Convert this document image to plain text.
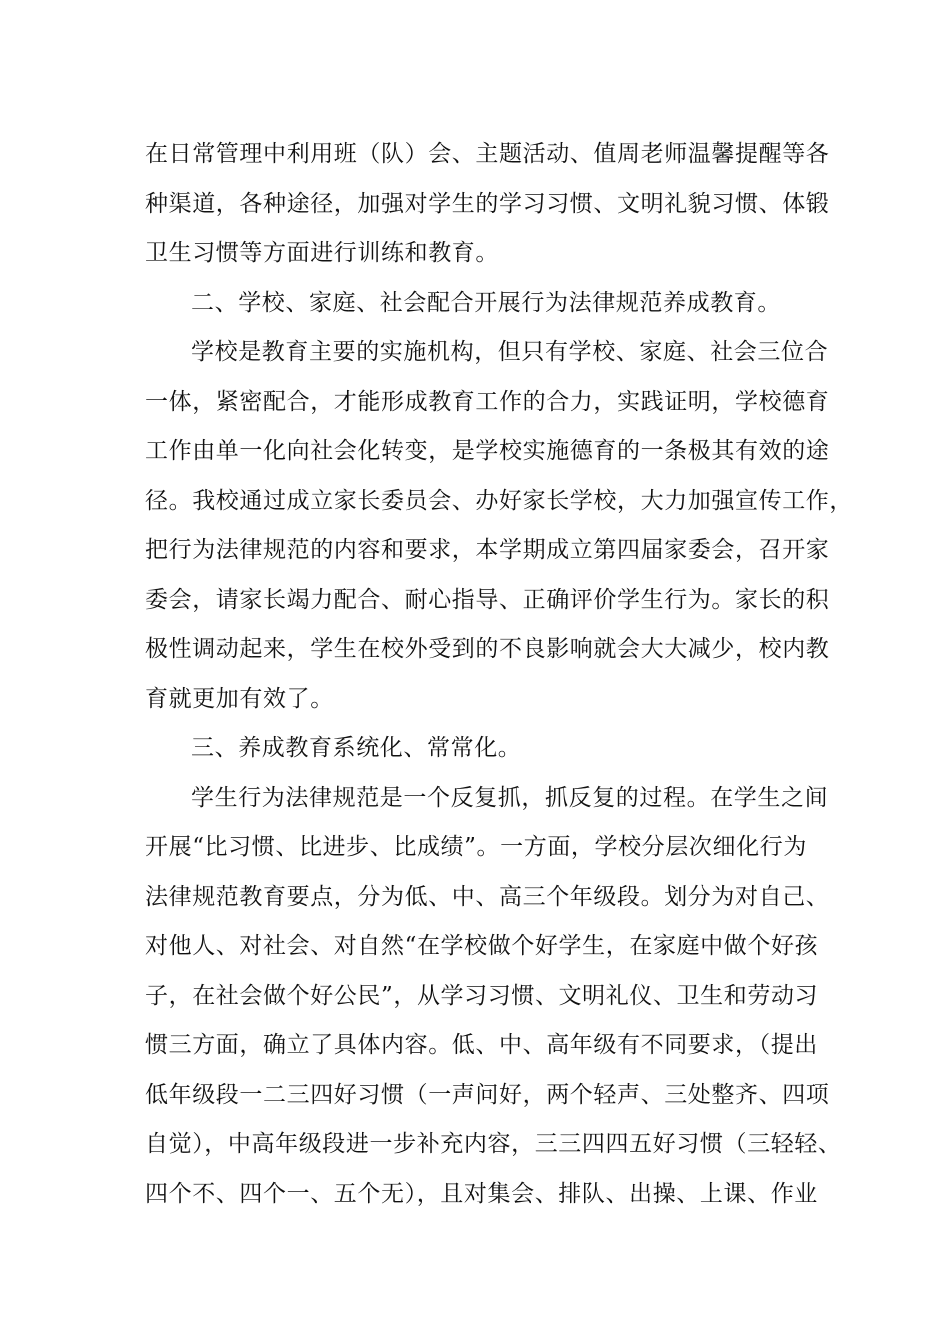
在日常管理中利用班（队）会、主题活动、值周老师温馨提醒等各
种渠道，各种途径，加强对学生的学习习惯、文明礼貌习惯、体锻
卫生习惯等方面进行训练和教育。
二、学校、家庭、社会配合开展行为法律规范养成教育。
学校是教育主要的实施机构，但只有学校、家庭、社会三位合
一体，紧密配合，才能形成教育工作的合力，实践证明，学校德育
工作由单一化向社会化转变，是学校实施德育的一条极其有效的途
径。我校通过成立家长委员会、办好家长学校，大力加强宣传工作，
把行为法律规范的内容和要求，本学期成立第四届家委会，召开家
委会，请家长竭力配合、耐心指导、正确评价学生行为。家长的积
极性调动起来，学生在校外受到的不良影响就会大大减少，校内教
育就更加有效了。
三、养成教育系统化、常常化。
学生行为法律规范是一个反复抓，抓反复的过程。在学生之间
开展“比习惯、比进步、比成绩”。一方面，学校分层次细化行为
法律规范教育要点，分为低、中、高三个年级段。划分为对自己、
对他人、对社会、对自然“在学校做个好学生，在家庭中做个好孩
子，在社会做个好公民”，从学习习惯、文明礼仪、卫生和劳动习
惯三方面，确立了具体内容。低、中、高年级有不同要求，（提出
低年级段一二三四好习惯（一声问好，两个轻声、三处整齐、四项
自觉），中高年级段进一步补充内容，三三四四五好习惯（三轻轻、
四个不、四个一、五个无），且对集会、排队、出操、上课、作业
